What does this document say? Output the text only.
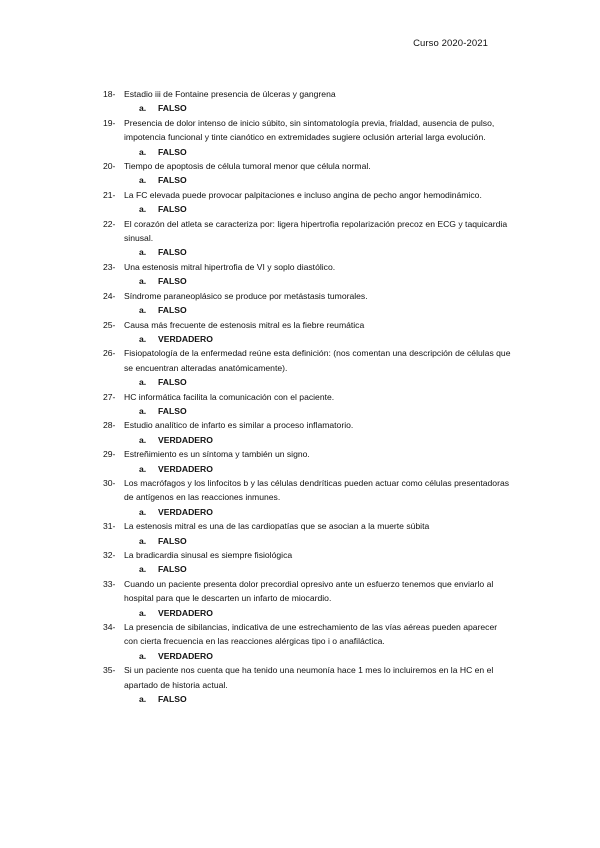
Curso 2020-2021
18- Estadio iii de Fontaine presencia de úlceras y gangrena
a.	FALSO
19- Presencia de dolor intenso de inicio súbito, sin sintomatología previa, frialdad, ausencia de pulso, impotencia funcional y tinte cianótico en extremidades sugiere oclusión arterial larga evolución.
a.	FALSO
20- Tiempo de apoptosis de célula tumoral menor que célula normal.
a.	FALSO
21- La FC elevada puede provocar palpitaciones e incluso angina de pecho angor hemodinámico.
a.	FALSO
22- El corazón del atleta se caracteriza por: ligera hipertrofia repolarización precoz en ECG y taquicardia sinusal.
a.	FALSO
23- Una estenosis mitral hipertrofia de VI y soplo diastólico.
a.	FALSO
24- Síndrome paraneoplásico se produce por metástasis tumorales.
a.	FALSO
25- Causa más frecuente de estenosis mitral es la fiebre reumática
a.	VERDADERO
26- Fisiopatología de la enfermedad reúne esta definición: (nos comentan una descripción de células que se encuentran alteradas anatómicamente).
a.	FALSO
27- HC informática facilita la comunicación con el paciente.
a.	FALSO
28- Estudio analítico de infarto es similar a proceso inflamatorio.
a.	VERDADERO
29- Estreñimiento es un síntoma y también un signo.
a.	VERDADERO
30- Los macrófagos y los linfocitos b y las células dendríticas pueden actuar como células presentadoras de antígenos en las reacciones inmunes.
a.	VERDADERO
31- La estenosis mitral es una de las cardiopatías que se asocian a la muerte súbita
a.	FALSO
32- La bradicardia sinusal es siempre fisiológica
a.	FALSO
33- Cuando un paciente presenta dolor precordial opresivo ante un esfuerzo tenemos que enviarlo al hospital para que le descarten un infarto de miocardio.
a.	VERDADERO
34- La presencia de sibilancias, indicativa de une estrechamiento de las vías aéreas pueden aparecer con cierta frecuencia en las reacciones alérgicas tipo i o anafiláctica.
a.	VERDADERO
35- Si un paciente nos cuenta que ha tenido una neumonía hace 1 mes lo incluiremos en la HC en el apartado de historia actual.
a.	FALSO
